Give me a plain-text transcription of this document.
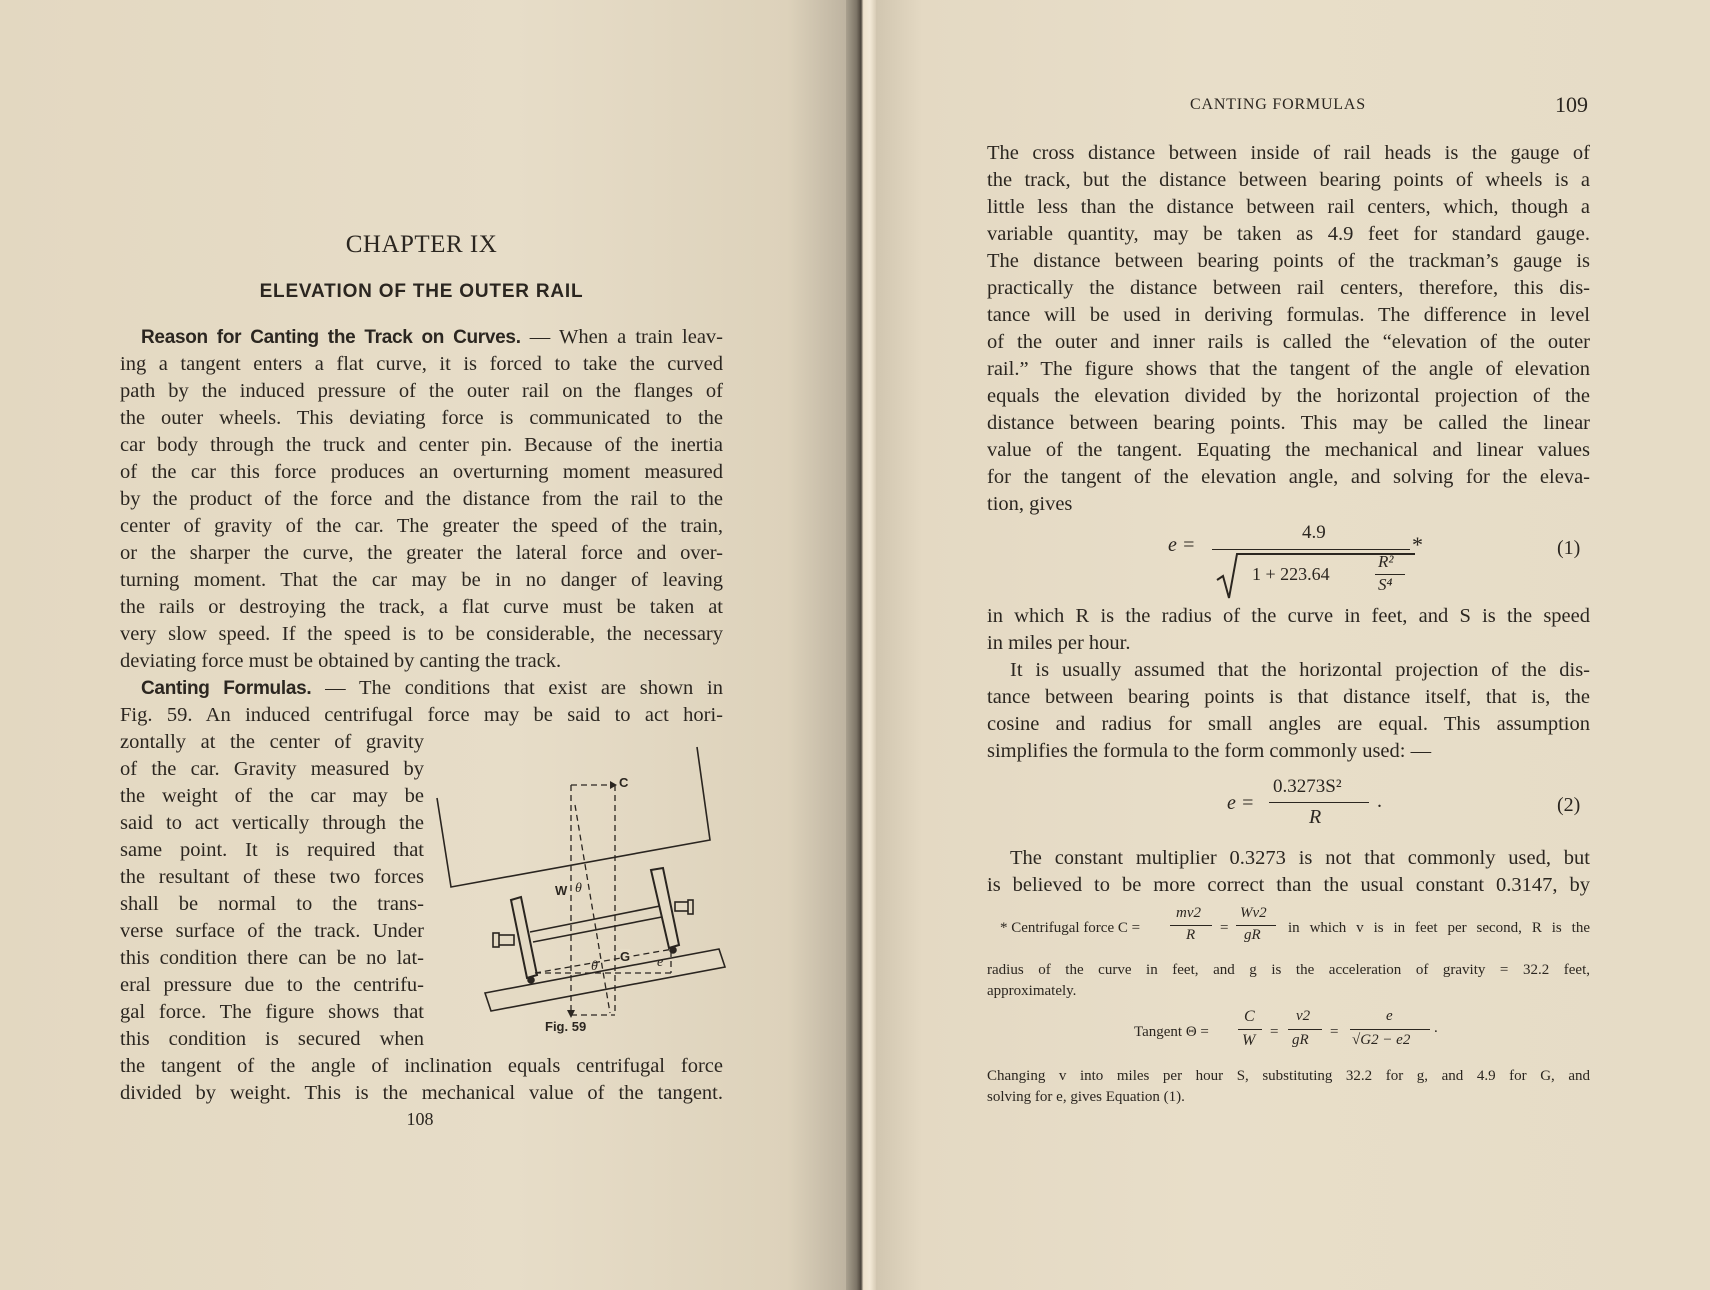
CHAPTER IX
ELEVATION OF THE OUTER RAIL
Reason for Canting the Track on Curves. — When a train leav-
ing a tangent enters a flat curve, it is forced to take the curved
path by the induced pressure of the outer rail on the flanges of
the outer wheels. This deviating force is communicated to the
car body through the truck and center pin. Because of the inertia
of the car this force produces an overturning moment measured
by the product of the force and the distance from the rail to the
center of gravity of the car. The greater the speed of the train,
or the sharper the curve, the greater the lateral force and over-
turning moment. That the car may be in no danger of leaving
the rails or destroying the track, a flat curve must be taken at
very slow speed. If the speed is to be considerable, the necessary
deviating force must be obtained by canting the track.
Canting Formulas. — The conditions that exist are shown in
Fig. 59. An induced centrifugal force may be said to act hori-
zontally at the center of gravity
of the car. Gravity measured by
the weight of the car may be
said to act vertically through the
same point. It is required that
the resultant of these two forces
shall be normal to the trans-
verse surface of the track. Under
this condition there can be no lat-
eral pressure due to the centrifu-
gal force. The figure shows that
this condition is secured when
the tangent of the angle of inclination equals centrifugal force
divided by weight. This is the mechanical value of the tangent.
108
C
W θ
θ
G e
Fig. 59
CANTING FORMULAS	109
The cross distance between inside of rail heads is the gauge of
the track, but the distance between bearing points of wheels is a
little less than the distance between rail centers, which, though a
variable quantity, may be taken as 4.9 feet for standard gauge.
The distance between bearing points of the trackman’s gauge is
practically the distance between rail centers, therefore, this dis-
tance will be used in deriving formulas. The difference in level
of the outer and inner rails is called the “elevation of the outer
rail.” The figure shows that the tangent of the angle of elevation
equals the elevation divided by the horizontal projection of the
distance between bearing points. This may be called the linear
value of the tangent. Equating the mechanical and linear values
for the tangent of the elevation angle, and solving for the eleva-
tion, gives
e =
4.9
1 + 223.64
R²
S⁴
*	(1)
in which R is the radius of the curve in feet, and S is the speed
in miles per hour.
It is usually assumed that the horizontal projection of the dis-
tance between bearing points is that distance itself, that is, the
cosine and radius for small angles are equal. This assumption
simplifies the formula to the form commonly used: —
e =
0.3273S²
R
.	(2)
The constant multiplier 0.3273 is not that commonly used, but
is believed to be more correct than the usual constant 0.3147, by
* Centrifugal force C =
mv2
R =
Wv2
gR in which v is in feet per second, R is the
radius of the curve in feet, and g is the acceleration of gravity = 32.2 feet,
approximately.
Tangent Θ =
C
W =
v2
gR =
e
√G2 − e2
.
Changing v into miles per hour S, substituting 32.2 for g, and 4.9 for G, and
solving for e, gives Equation (1).
